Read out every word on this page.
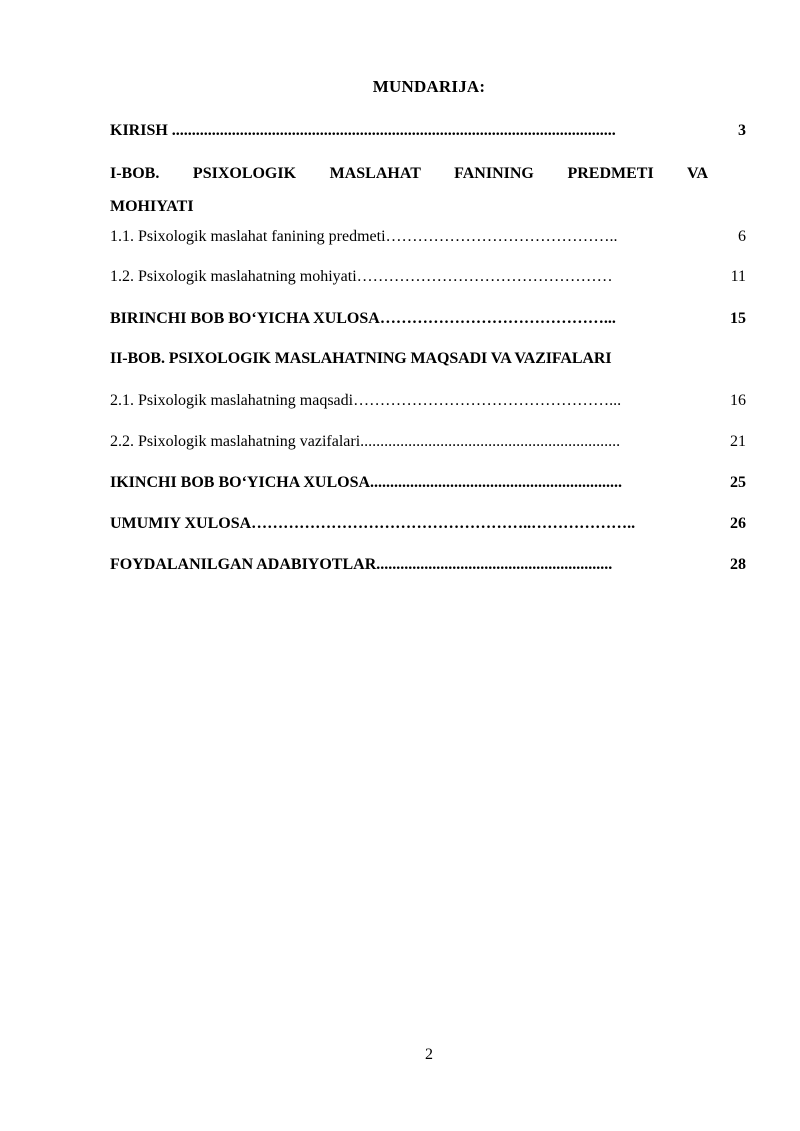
MUNDARIJA:
KIRISH ...............................................................................................................	3
I-BOB. PSIXOLOGIK MASLAHAT FANINING PREDMETI VA
MOHIYATI
1.1. Psixologik maslahat fanining predmeti……………………………………..	6
1.2. Psixologik maslahatning mohiyati…………………………………………	11
BIRINCHI BOB BO‘YICHA XULOSA……………………………………...	15
II-BOB. PSIXOLOGIK MASLAHATNING MAQSADI VA VAZIFALARI
2.1. Psixologik maslahatning maqsadi…………………………………………...	16
2.2. Psixologik maslahatning vazifalari.................................................................	21
IKINCHI BOB BO‘YICHA XULOSA...............................................................	25
UMUMIY XULOSA……………………………………………..………………..	26
FOYDALANILGAN ADABIYOTLAR...........................................................	28
2
